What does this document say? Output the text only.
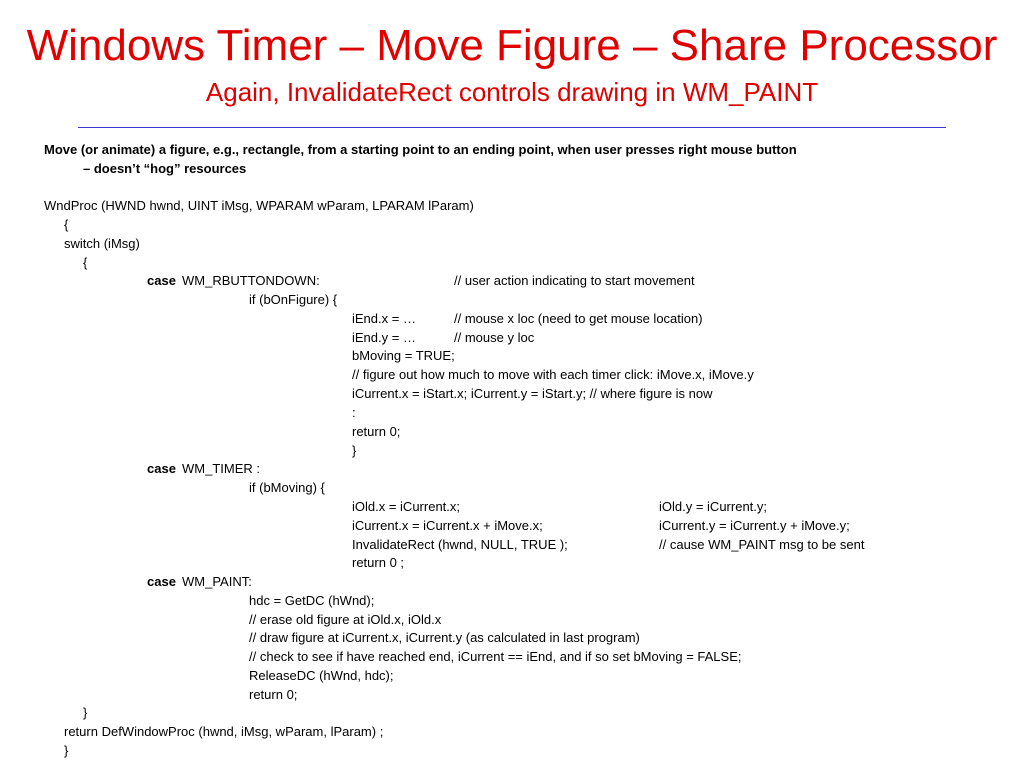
Windows Timer – Move Figure – Share Processor
Again, InvalidateRect controls drawing in WM_PAINT
Move (or animate) a figure, e.g., rectangle, from a starting point to an ending point, when user presses right mouse button
– doesn’t “hog” resources
WndProc (HWND hwnd, UINT iMsg, WPARAM wParam, LPARAM lParam)
{
switch (iMsg)
{
case WM_RBUTTONDOWN:	// user action indicating to start movement
if (bOnFigure) {
iEnd.x = …	// mouse x loc (need to get mouse location)
iEnd.y = …	// mouse y loc
bMoving = TRUE;
// figure out how much to move with each timer click: iMove.x, iMove.y
iCurrent.x = iStart.x; iCurrent.y = iStart.y; // where figure is now
:
return 0;
}
case WM_TIMER :
if (bMoving) {
iOld.x = iCurrent.x;	iOld.y = iCurrent.y;
iCurrent.x = iCurrent.x + iMove.x;	iCurrent.y = iCurrent.y + iMove.y;
InvalidateRect (hwnd, NULL, TRUE );	// cause WM_PAINT msg to be sent
return 0 ;
case WM_PAINT:
hdc = GetDC (hWnd);
// erase old figure at iOld.x, iOld.x
// draw figure at iCurrent.x, iCurrent.y (as calculated in last program)
// check to see if have reached end, iCurrent == iEnd, and if so set bMoving = FALSE;
ReleaseDC (hWnd, hdc);
return 0;
}
return DefWindowProc (hwnd, iMsg, wParam, lParam) ;
}
